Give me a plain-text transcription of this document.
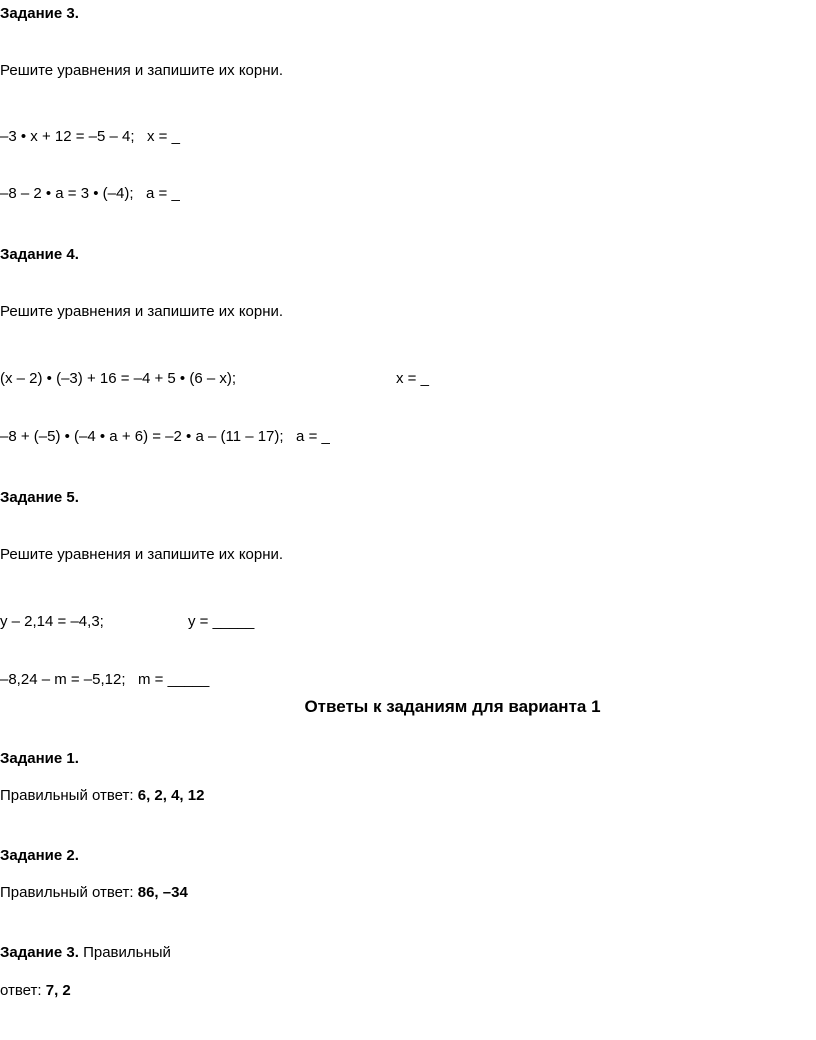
Задание 3.
Решите уравнения и запишите их корни.
–3 • x + 12 = –5 – 4;   x = _
–8 – 2 • a = 3 • (–4);   a = _
Задание 4.
Решите уравнения и запишите их корни.
(x – 2) • (–3) + 16 = –4 + 5 • (6 – x);	x = _
–8 + (–5) • (–4 • a + 6) = –2 • a – (11 – 17);   a = _
Задание 5.
Решите уравнения и запишите их корни.
y – 2,14 = –4,3;	y = _____
–8,24 – m = –5,12;   m = _____
Ответы к заданиям для варианта 1
Задание 1.
Правильный ответ: 6, 2, 4, 12
Задание 2.
Правильный ответ: 86, –34
Задание 3. Правильный
ответ: 7, 2
